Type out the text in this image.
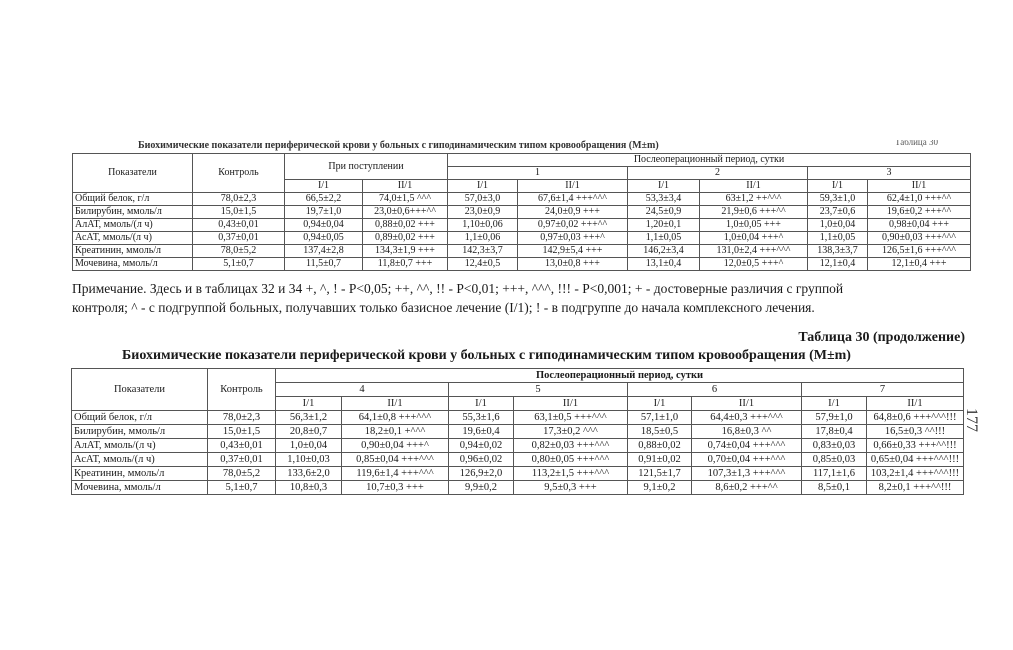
Биохимические показатели периферической крови у больных с гиподинамическим типом кровообращения (М±m)	Таблица 30
Показатели	Контроль	При поступлении		Послеоперационный период, сутки					
				1		2		3	
		I/1	II/1	I/1	II/1	I/1	II/1	I/1	II/1
Общий белок, г/л	78,0±2,3	66,5±2,2	74,0±1,5 ^^^	57,0±3,0	67,6±1,4 +++^^^	53,3±3,4	63±1,2 ++^^^	59,3±1,0	62,4±1,0 +++^^
Билирубин, ммоль/л	15,0±1,5	19,7±1,0	23,0±0,6+++^^	23,0±0,9	24,0±0,9 +++	24,5±0,9	21,9±0,6 +++^^	23,7±0,6	19,6±0,2 +++^^
АлАТ, ммоль/(л ч)	0,43±0,01	0,94±0,04	0,88±0,02 +++	1,10±0,06	0,97±0,02 +++^^	1,20±0,1	1,0±0,05 +++	1,0±0,04	0,98±0,04 +++
АсАТ, ммоль/(л ч)	0,37±0,01	0,94±0,05	0,89±0,02 +++	1,1±0,06	0,97±0,03 +++^	1,1±0,05	1,0±0,04 +++^	1,1±0,05	0,90±0,03 +++^^^
Креатинин, ммоль/л	78,0±5,2	137,4±2,8	134,3±1,9 +++	142,3±3,7	142,9±5,4 +++	146,2±3,4	131,0±2,4 +++^^^	138,3±3,7	126,5±1,6 +++^^^
Мочевина, ммоль/л	5,1±0,7	11,5±0,7	11,8±0,7 +++	12,4±0,5	13,0±0,8 +++	13,1±0,4	12,0±0,5 +++^	12,1±0,4	12,1±0,4 +++
Примечание. Здесь и в таблицах 32 и 34 +, ^, ! - P<0,05; ++, ^^, !! - P<0,01; +++, ^^^, !!! - P<0,001; + - достоверные различия с группой
контроля; ^ - с подгруппой больных, получавших только базисное лечение (I/1); ! - в подгруппе до начала комплексного лечения.
Таблица 30 (продолжение)
Биохимические показатели периферической крови у больных с гиподинамическим типом кровообращения (М±m)
Показатели	Контроль	Послеоперационный период, сутки							
		4		5		6		7	
		I/1	II/1	I/1	II/1	I/1	II/1	I/1	II/1
Общий белок, г/л	78,0±2,3	56,3±1,2	64,1±0,8 +++^^^	55,3±1,6	63,1±0,5 +++^^^	57,1±1,0	64,4±0,3 +++^^^	57,9±1,0	64,8±0,6 +++^^^!!!
Билирубин, ммоль/л	15,0±1,5	20,8±0,7	18,2±0,1 +^^^	19,6±0,4	17,3±0,2 ^^^	18,5±0,5	16,8±0,3 ^^	17,8±0,4	16,5±0,3 ^^!!!
АлАТ, ммоль/(л ч)	0,43±0,01	1,0±0,04	0,90±0,04 +++^	0,94±0,02	0,82±0,03 +++^^^	0,88±0,02	0,74±0,04 +++^^^	0,83±0,03	0,66±0,33 +++^^!!!
АсАТ, ммоль/(л ч)	0,37±0,01	1,10±0,03	0,85±0,04 +++^^^	0,96±0,02	0,80±0,05 +++^^^	0,91±0,02	0,70±0,04 +++^^^	0,85±0,03	0,65±0,04 +++^^^!!!
Креатинин, ммоль/л	78,0±5,2	133,6±2,0	119,6±1,4 +++^^^	126,9±2,0	113,2±1,5 +++^^^	121,5±1,7	107,3±1,3 +++^^^	117,1±1,6	103,2±1,4 +++^^^!!!
Мочевина, ммоль/л	5,1±0,7	10,8±0,3	10,7±0,3 +++	9,9±0,2	9,5±0,3 +++	9,1±0,2	8,6±0,2 +++^^	8,5±0,1	8,2±0,1 +++^^!!!
177
